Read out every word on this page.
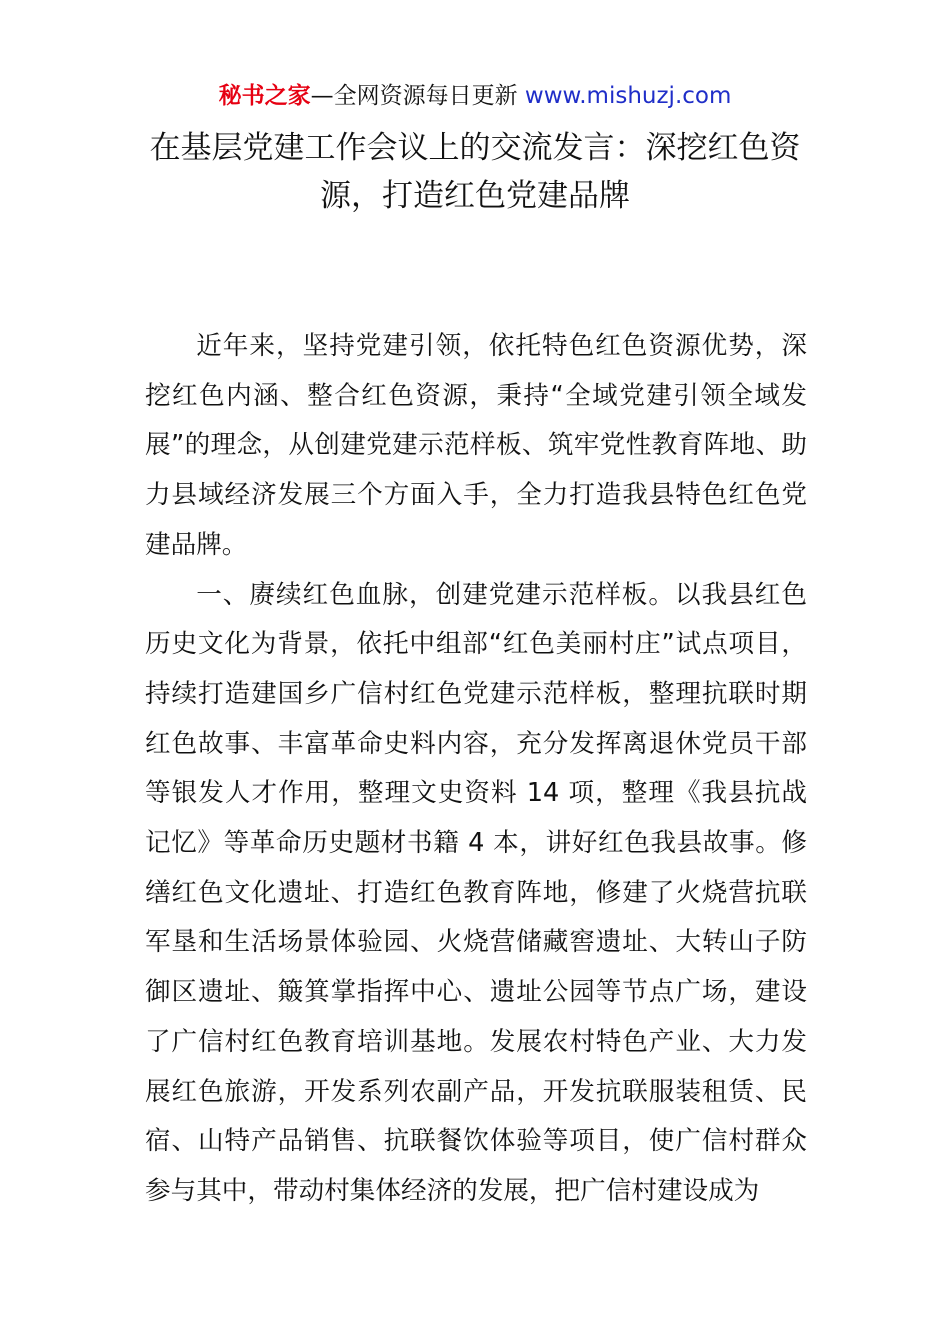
秘书之家—全网资源每日更新 www.mishuzj.com
在基层党建工作会议上的交流发言：深挖红色资源，打造红色党建品牌

近年来，坚持党建引领，依托特色红色资源优势，深挖红色内涵、整合红色资源，秉持“全域党建引领全域发展”的理念，从创建党建示范样板、筑牢党性教育阵地、助力县域经济发展三个方面入手，全力打造我县特色红色党建品牌。

一、赓续红色血脉，创建党建示范样板。以我县红色历史文化为背景，依托中组部“红色美丽村庄”试点项目，持续打造建国乡广信村红色党建示范样板，整理抗联时期红色故事、丰富革命史料内容，充分发挥离退休党员干部等银发人才作用，整理文史资料 14 项，整理《我县抗战记忆》等革命历史题材书籍 4 本，讲好红色我县故事。修缮红色文化遗址、打造红色教育阵地，修建了火烧营抗联军垦和生活场景体验园、火烧营储藏窖遗址、大转山子防御区遗址、簸箕掌指挥中心、遗址公园等节点广场，建设了广信村红色教育培训基地。发展农村特色产业、大力发展红色旅游，开发系列农副产品，开发抗联服装租赁、民宿、山特产品销售、抗联餐饮体验等项目，使广信村群众参与其中，带动村集体经济的发展，把广信村建设成为
